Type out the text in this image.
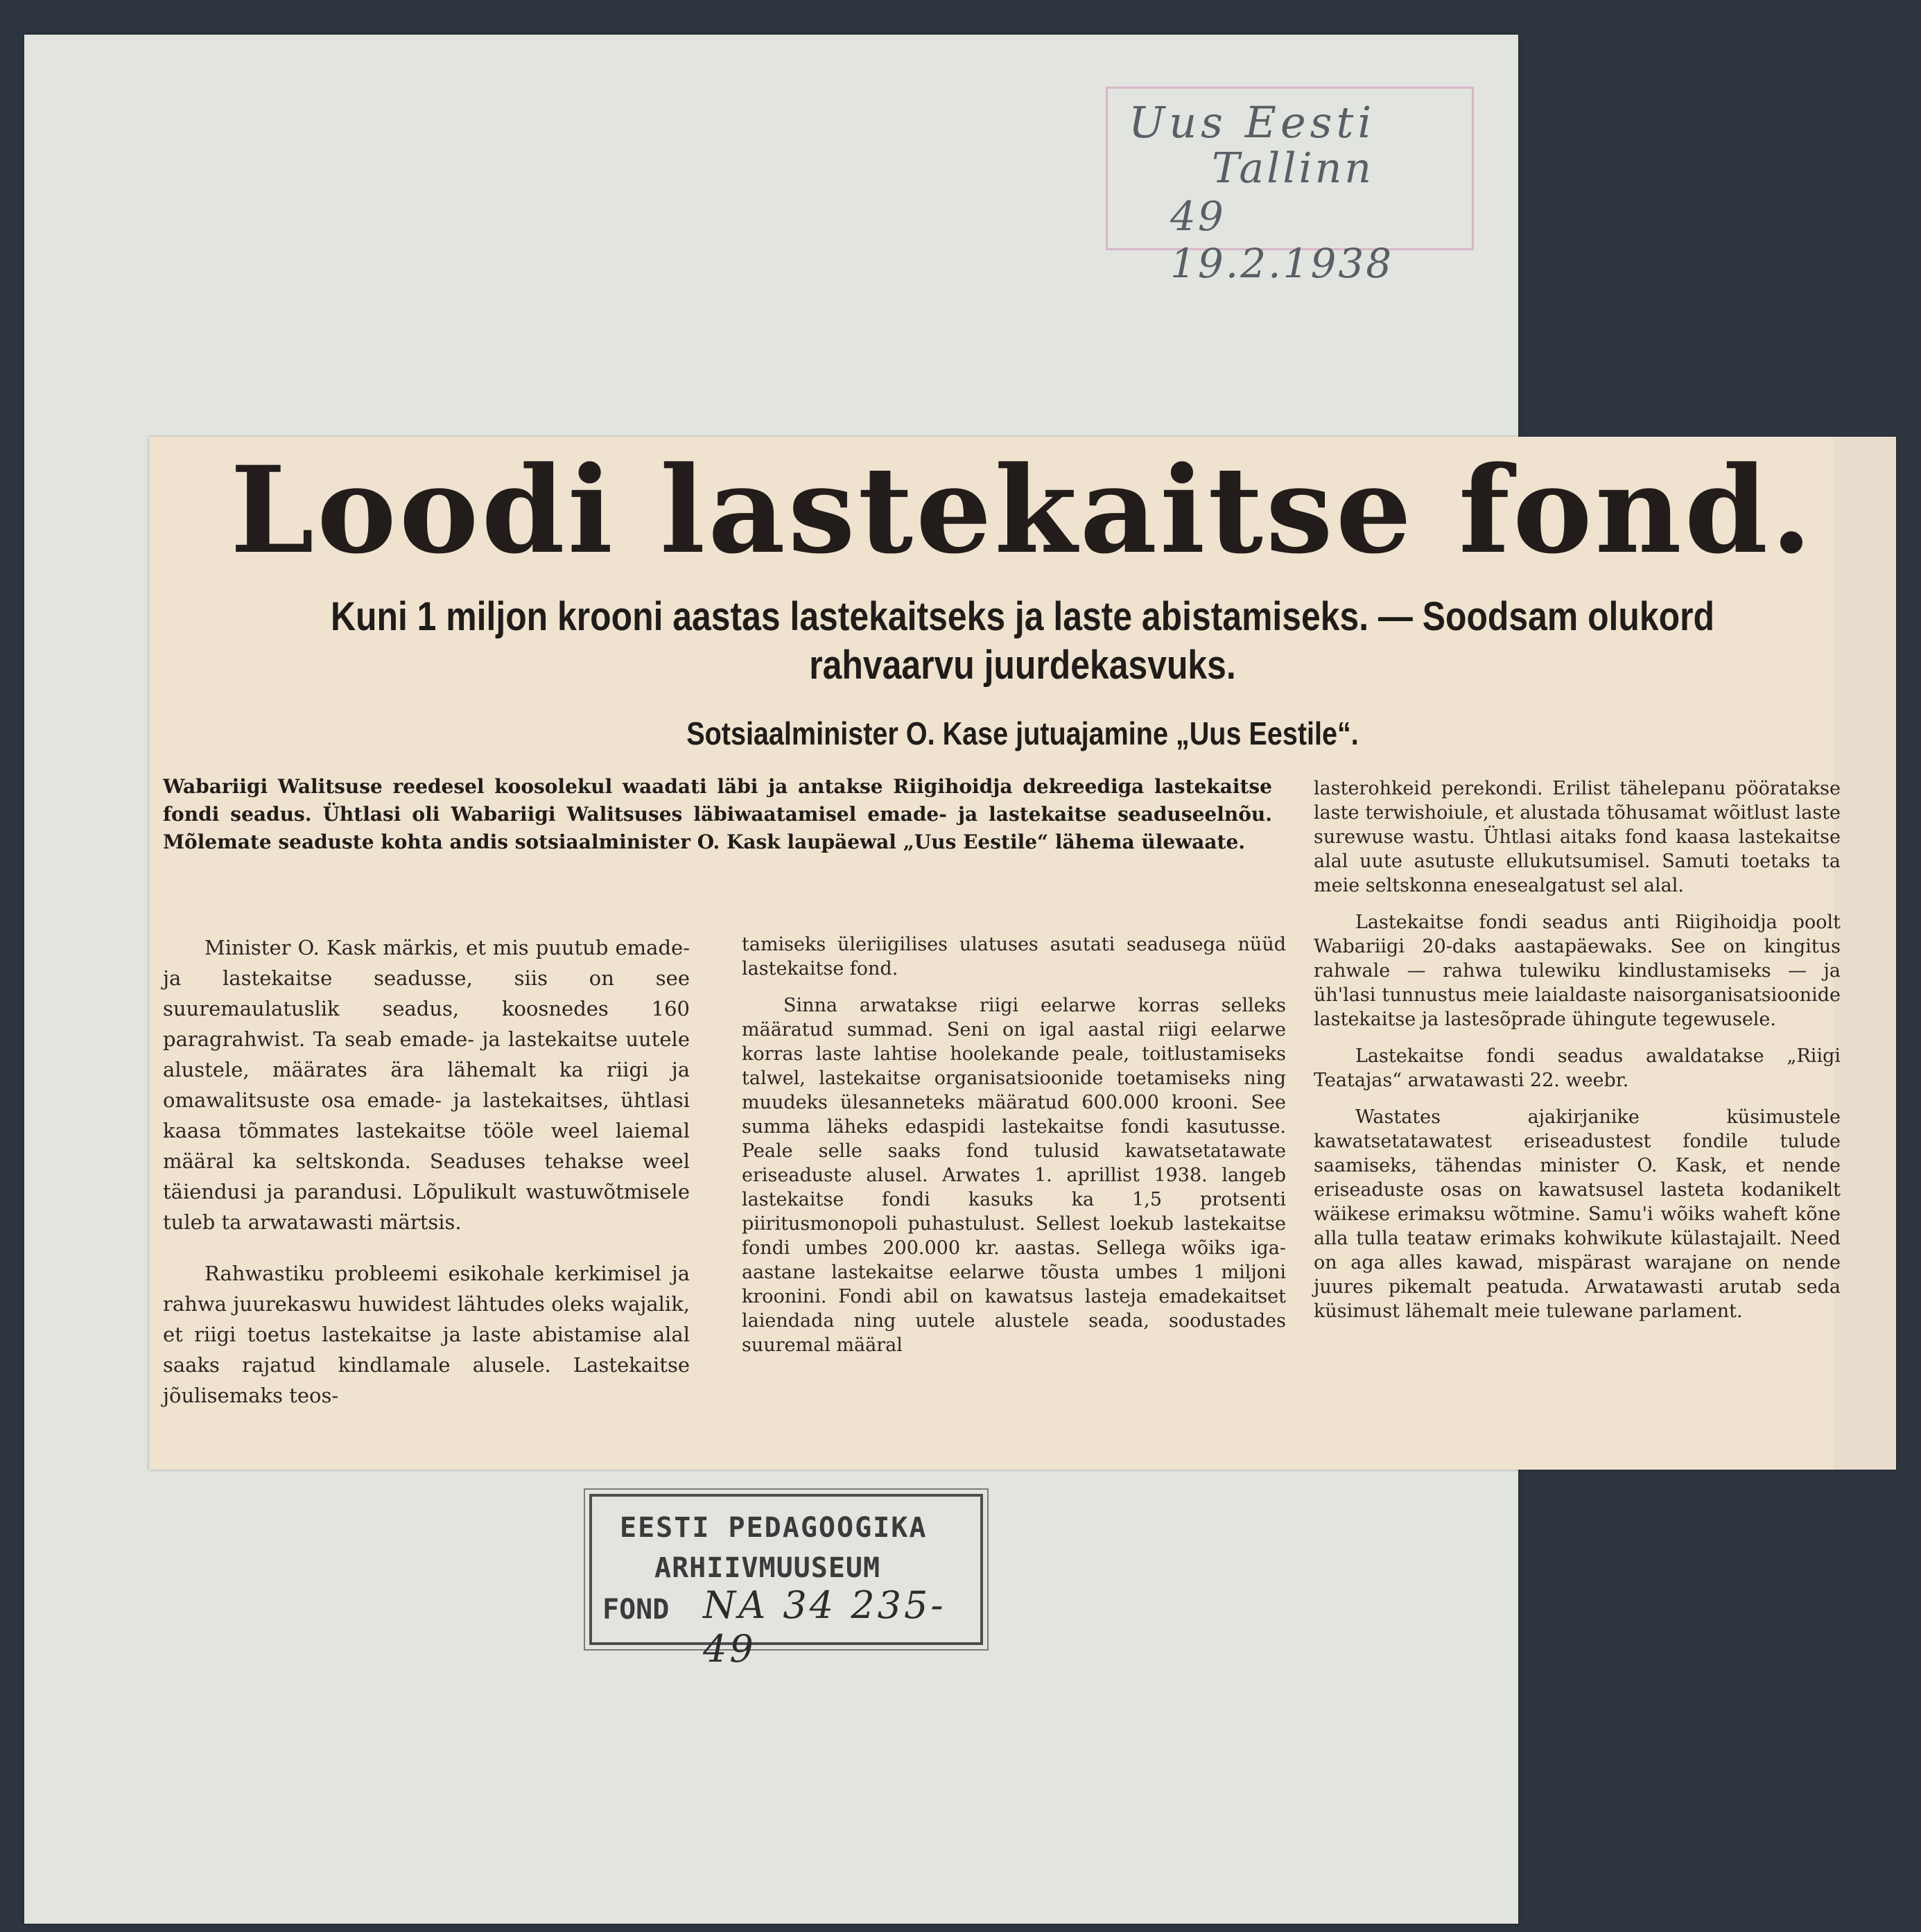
Uus Eesti
Tallinn
49 19.2.1938
Loodi lastekaitse fond.
Kuni 1 miljon krooni aastas lastekaitseks ja laste abistamiseks. — Soodsam olukord
rahvaarvu juurdekasvuks.
Sotsiaalminister O. Kase jutuajamine „Uus Eestile“.

Wabariigi Walitsuse reedesel koosolekul waadati läbi ja antakse Riigihoidja dekreediga lastekaitse fondi seadus. Ühtlasi oli Wabariigi Walitsuses läbiwaatamisel emade- ja lastekaitse seaduseelnõu. Mõlemate seaduste kohta andis sotsiaalminister O. Kask laupäewal „Uus Eestile“ lähema ülewaate.

Minister O. Kask märkis, et mis puutub emade- ja lastekaitse seadusse, siis on see suuremaulatuslik seadus, koosnedes 160 paragrahwist. Ta seab emade- ja lastekaitse uutele alustele, määrates ära lähemalt ka riigi ja omawalitsuste osa emade- ja lastekaitses, ühtlasi kaasa tõmmates lastekaitse tööle weel laiemal määral ka seltskonda. Seaduses tehakse weel täiendusi ja parandusi. Lõpulikult wastuwõtmisele tuleb ta arwatawasti märtsis.

Rahwastiku probleemi esikohale kerkimisel ja rahwa juurekaswu huwidest lähtudes oleks wajalik, et riigi toetus lastekaitse ja laste abistamise alal saaks rajatud kindlamale alusele. Lastekaitse jõulisemaks teos-

tamiseks üleriigilises ulatuses asutati seadusega nüüd lastekaitse fond.

Sinna arwatakse riigi eelarwe korras selleks määratud summad. Seni on igal aastal riigi eelarwe korras laste lahtise hoolekande peale, toitlustamiseks talwel, lastekaitse organisatsioonide toetamiseks ning muudeks ülesanneteks määratud 600.000 krooni. See summa läheks edaspidi lastekaitse fondi kasutusse. Peale selle saaks fond tulusid kawatsetatawate eriseaduste alusel. Arwates 1. aprillist 1938. langeb lastekaitse fondi kasuks ka 1,5 protsenti piiritusmonopoli puhastulust. Sellest loekub lastekaitse fondi umbes 200.000 kr. aastas. Sellega wõiks iga-aastane lastekaitse eelarwe tõusta umbes 1 miljoni kroonini. Fondi abil on kawatsus lasteja emadekaitset laiendada ning uutele alustele seada, soodustades suuremal määral

lasterohkeid perekondi. Erilist tähelepanu pööratakse laste terwishoiule, et alustada tõhusamat wõitlust laste surewuse wastu. Ühtlasi aitaks fond kaasa lastekaitse alal uute asutuste ellukutsumisel. Samuti toetaks ta meie seltskonna enesealgatust sel alal.

Lastekaitse fondi seadus anti Riigihoidja poolt Wabariigi 20-daks aastapäewaks. See on kingitus rahwale — rahwa tulewiku kindlustamiseks — ja üh'lasi tunnustus meie laialdaste naisorganisatsioonide lastekaitse ja lastesõprade ühingute tegewusele.

Lastekaitse fondi seadus awaldatakse „Riigi Teatajas“ arwatawasti 22. weebr.

Wastates ajakirjanike küsimustele kawatsetatawatest eriseadustest fondile tulude saamiseks, tähendas minister O. Kask, et nende eriseaduste osas on kawatsusel lasteta kodanikelt wäikese erimaksu wõtmine. Samu'i wõiks waheft kõne alla tulla teataw erimaks kohwikute külastajailt. Need on aga alles kawad, mispärast warajane on nende juures pikemalt peatuda. Arwatawasti arutab seda küsimust lähemalt meie tulewane parlament.

EESTI PEDAGOOGIKA
ARHIIVMUUSEUM
FOND NA 34 235-49
